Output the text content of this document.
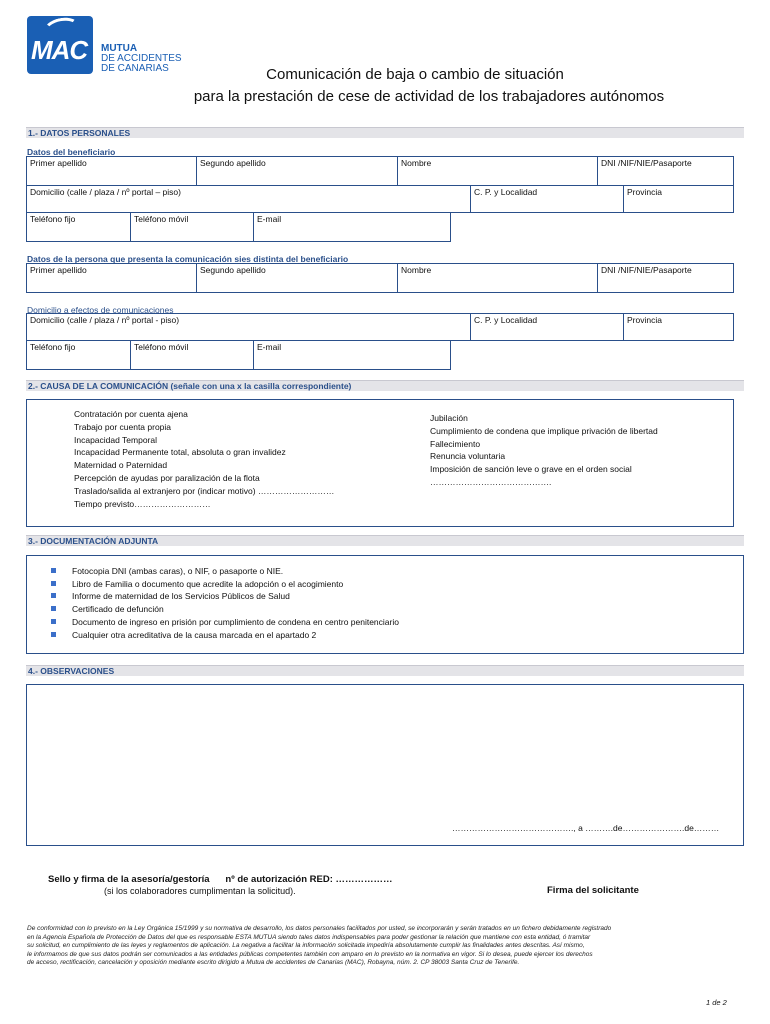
MAC MUTUA
DE ACCIDENTES
DE CANARIAS	Comunicación de baja o cambio de situación
para la prestación de cese de actividad de los trabajadores autónomos
1.- DATOS PERSONALES
Datos del beneficiario
Primer apellido	Segundo apellido	Nombre	DNI /NIF/NIE/Pasaporte
Domicilio (calle / plaza / nº portal – piso)	C. P. y Localidad	Provincia
Teléfono fijo	Teléfono móvil	E-mail
Datos de la persona que presenta la comunicación sies distinta del beneficiario
Primer apellido	Segundo apellido	Nombre	DNI /NIF/NIE/Pasaporte
Domicilio a efectos de comunicaciones
Domicilio (calle / plaza / nº portal - piso)	C. P. y Localidad	Provincia
Teléfono fijo	Teléfono móvil	E-mail
2.- CAUSA DE LA COMUNICACIÓN (señale con una x la casilla correspondiente)
Contratación por cuenta ajena
Trabajo por cuenta propia
Incapacidad Temporal
Incapacidad Permanente total, absoluta o gran invalidez
Maternidad o Paternidad
Percepción de ayudas por paralización de la flota
Traslado/salida al extranjero por (indicar motivo) ………………………
Tiempo previsto………………………
Jubilación
Cumplimiento de condena que implique privación de libertad
Fallecimiento
Renuncia voluntaria
Imposición de sanción leve o grave en el orden social
…………………………………….
3.- DOCUMENTACIÓN ADJUNTA
Fotocopia DNI (ambas caras), o NIF, o pasaporte o NIE.
Libro de Familia o documento que acredite la adopción o el acogimiento
Informe de maternidad de los Servicios Públicos de Salud
Certificado de defunción
Documento de ingreso en prisión por cumplimiento de condena en centro penitenciario
Cualquier otra acreditativa de la causa marcada en el apartado 2
4.- OBSERVACIONES
……………………………………., a ……….de………………….de………
Sello y firma de la asesoría/gestoría      nº de autorización RED: ………………
(si los colaboradores cumplimentan la solicitud).	Firma del solicitante
De conformidad con lo previsto en la Ley Orgánica 15/1999 y su normativa de desarrollo, los datos personales facilitados por usted, se incorporarán y serán tratados en un fichero debidamente registrado
en la Agencia Española de Protección de Datos del que es responsable ESTA MUTUA siendo tales datos indispensables para poder gestionar la relación que mantiene con esta entidad, ó tramitar
su solicitud, en cumplimiento de las leyes y reglamentos de aplicación. La negativa a facilitar la información solicitada impediría absolutamente cumplir las finalidades antes descritas. Así mismo,
le informamos de que sus datos podrán ser comunicados a las entidades públicas competentes también con amparo en lo previsto en la normativa en vigor. Si lo desea, puede ejercer los derechos
de acceso, rectificación, cancelación y oposición mediante escrito dirigido a Mutua de accidentes de Canarias (MAC), Robayna, núm. 2. CP 38003 Santa Cruz de Tenerife.
1 de 2
